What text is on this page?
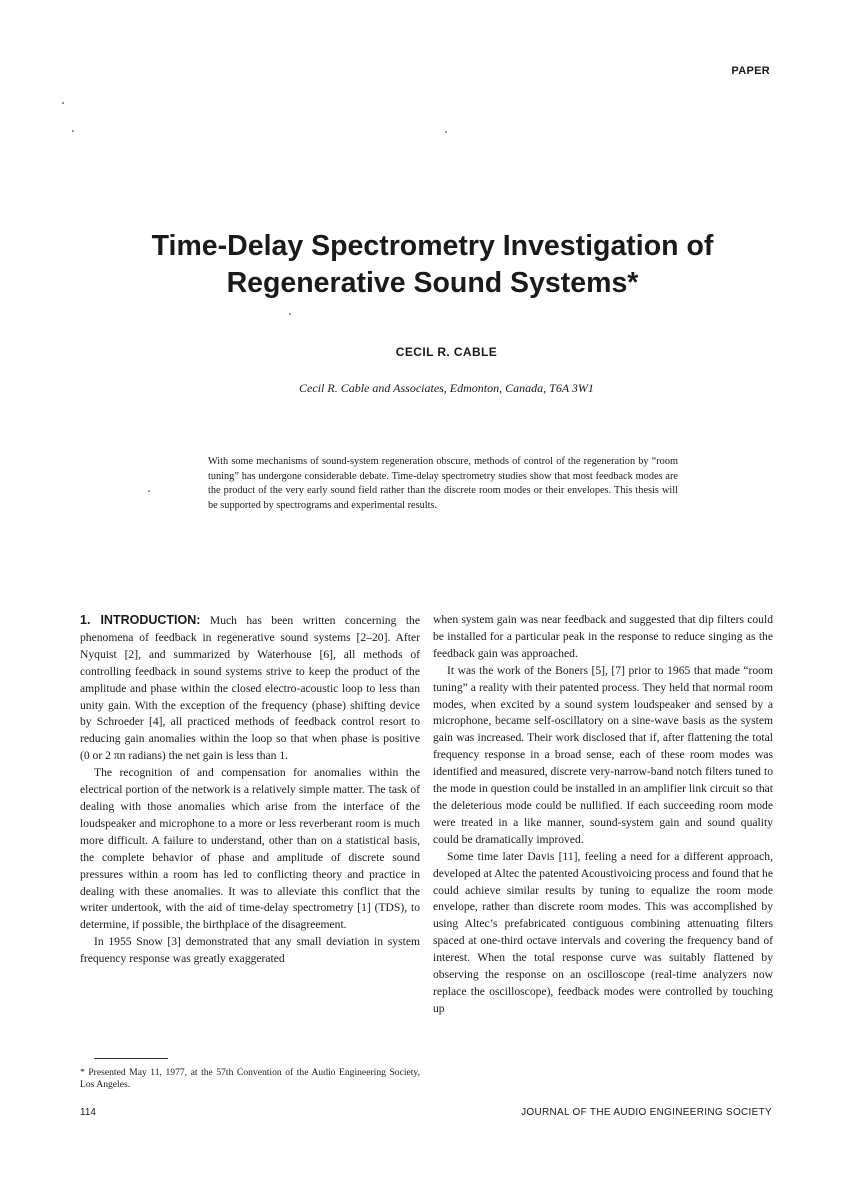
PAPER
Time-Delay Spectrometry Investigation of
Regenerative Sound Systems*
CECIL R. CABLE
Cecil R. Cable and Associates, Edmonton, Canada, T6A 3W1
With some mechanisms of sound-system regeneration obscure, methods of control of the regeneration by “room tuning” has undergone considerable debate. Time-delay spectrometry studies show that most feedback modes are the product of the very early sound field rather than the discrete room modes or their envelopes. This thesis will be supported by spectrograms and experimental results.

1. INTRODUCTION: Much has been written concerning the phenomena of feedback in regenerative sound systems [2–20]. After Nyquist [2], and summarized by Waterhouse [6], all methods of controlling feedback in sound systems strive to keep the product of the amplitude and phase within the closed electro-acoustic loop to less than unity gain. With the exception of the frequency (phase) shifting device by Schroeder [4], all practiced methods of feedback control resort to reducing gain anomalies within the loop so that when phase is positive (0 or 2 πn radians) the net gain is less than 1.

The recognition of and compensation for anomalies within the electrical portion of the network is a relatively simple matter. The task of dealing with those anomalies which arise from the interface of the loudspeaker and microphone to a more or less reverberant room is much more difficult. A failure to understand, other than on a statistical basis, the complete behavior of phase and amplitude of discrete sound pressures within a room has led to conflicting theory and practice in dealing with these anomalies. It was to alleviate this conflict that the writer undertook, with the aid of time-delay spectrometry [1] (TDS), to determine, if possible, the birthplace of the disagreement.

In 1955 Snow [3] demonstrated that any small deviation in system frequency response was greatly exaggerated

when system gain was near feedback and suggested that dip filters could be installed for a particular peak in the response to reduce singing as the feedback gain was approached.

It was the work of the Boners [5], [7] prior to 1965 that made “room tuning” a reality with their patented process. They held that normal room modes, when excited by a sound system loudspeaker and sensed by a microphone, became self-oscillatory on a sine-wave basis as the system gain was increased. Their work disclosed that if, after flattening the total frequency response in a broad sense, each of these room modes was identified and measured, discrete very-narrow-band notch filters tuned to the mode in question could be installed in an amplifier link circuit so that the deleterious mode could be nullified. If each succeeding room mode were treated in a like manner, sound-system gain and sound quality could be dramatically improved.

Some time later Davis [11], feeling a need for a different approach, developed at Altec the patented Acoustivoicing process and found that he could achieve similar results by tuning to equalize the room mode envelope, rather than discrete room modes. This was accomplished by using Altec’s prefabricated contiguous combining attenuating filters spaced at one-third octave intervals and covering the frequency band of interest. When the total response curve was suitably flattened by observing the response on an oscilloscope (real-time analyzers now replace the oscilloscope), feedback modes were controlled by touching up

* Presented May 11, 1977, at the 57th Convention of the Audio Engineering Society, Los Angeles.
114	JOURNAL OF THE AUDIO ENGINEERING SOCIETY
